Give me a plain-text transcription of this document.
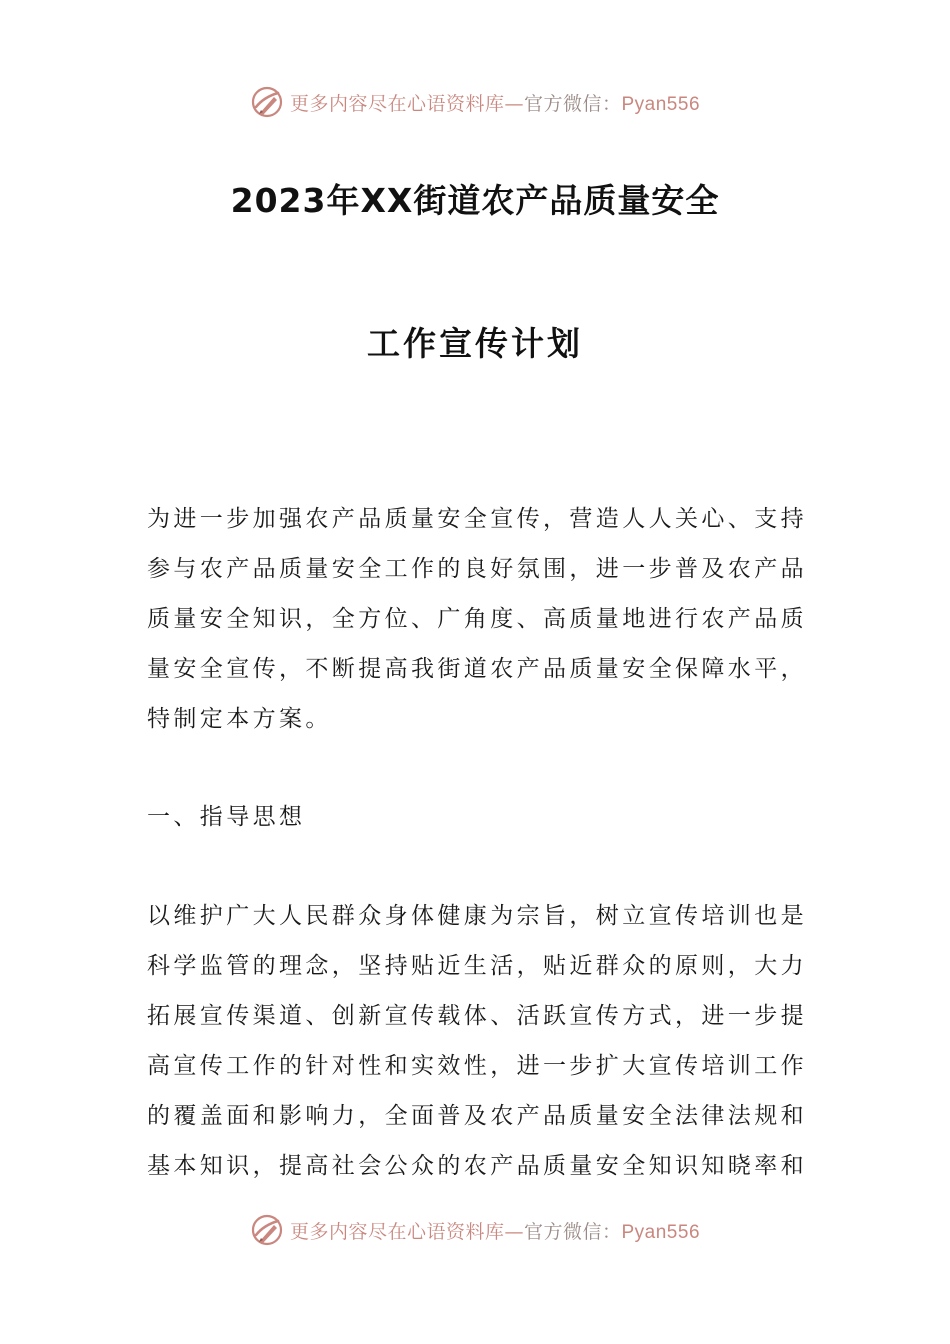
更多内容尽在心语资料库—官方微信：Pyan556
2023年XX街道农产品质量安全
工作宣传计划

为进一步加强农产品质量安全宣传，营造人人关心、支持参与农产品质量安全工作的良好氛围，进一步普及农产品质量安全知识，全方位、广角度、高质量地进行农产品质量安全宣传，不断提高我街道农产品质量安全保障水平，特制定本方案。

一、指导思想

以维护广大人民群众身体健康为宗旨，树立宣传培训也是科学监管的理念，坚持贴近生活，贴近群众的原则，大力拓展宣传渠道、创新宣传载体、活跃宣传方式，进一步提高宣传工作的针对性和实效性，进一步扩大宣传培训工作的覆盖面和影响力，全面普及农产品质量安全法律法规和基本知识，提高社会公众的农产品质量安全知识知晓率和

更多内容尽在心语资料库—官方微信：Pyan556
